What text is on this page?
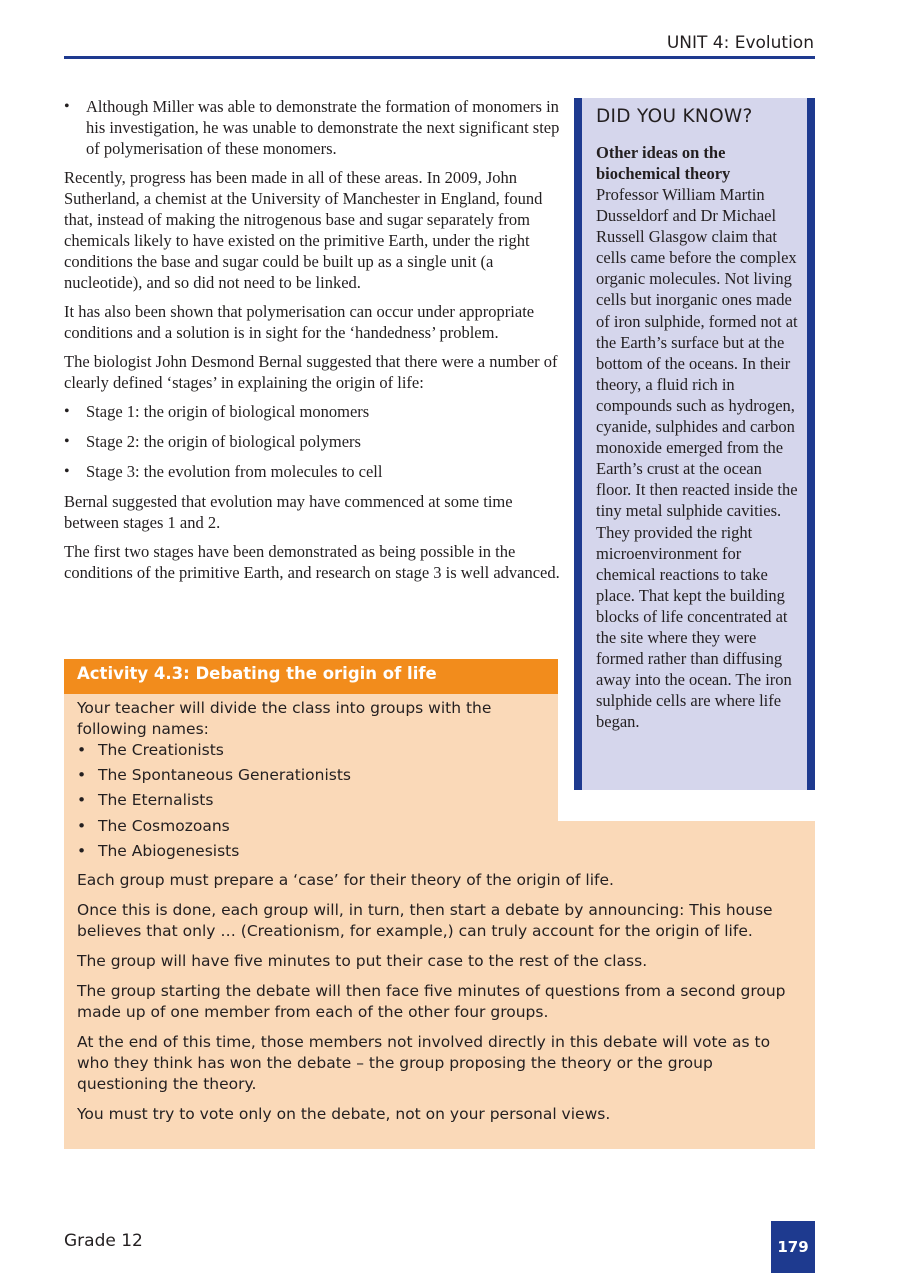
UNIT 4: Evolution
• Although Miller was able to demonstrate the formation of monomers in his investigation, he was unable to demonstrate the next significant step of polymerisation of these monomers.

Recently, progress has been made in all of these areas. In 2009, John Sutherland, a chemist at the University of Manchester in England, found that, instead of making the nitrogenous base and sugar separately from chemicals likely to have existed on the primitive Earth, under the right conditions the base and sugar could be built up as a single unit (a nucleotide), and so did not need to be linked.

It has also been shown that polymerisation can occur under appropriate conditions and a solution is in sight for the ‘handedness’ problem.

The biologist John Desmond Bernal suggested that there were a number of clearly defined ‘stages’ in explaining the origin of life:

• Stage 1: the origin of biological monomers
• Stage 2: the origin of biological polymers
• Stage 3: the evolution from molecules to cell

Bernal suggested that evolution may have commenced at some time between stages 1 and 2.

The first two stages have been demonstrated as being possible in the conditions of the primitive Earth, and research on stage 3 is well advanced.

DID YOU KNOW?

Other ideas on the biochemical theory

Professor William Martin Dusseldorf and Dr Michael Russell Glasgow claim that cells came before the complex organic molecules. Not living cells but inorganic ones made of iron sulphide, formed not at the Earth’s surface but at the bottom of the oceans. In their theory, a fluid rich in compounds such as hydrogen, cyanide, sulphides and carbon monoxide emerged from the Earth’s crust at the ocean floor. It then reacted inside the tiny metal sulphide cavities. They provided the right microenvironment for chemical reactions to take place. That kept the building blocks of life concentrated at the site where they were formed rather than diffusing away into the ocean. The iron sulphide cells are where life began.

Activity 4.3: Debating the origin of life

Your teacher will divide the class into groups with the following names:

• The Creationists
• The Spontaneous Generationists
• The Eternalists
• The Cosmozoans
• The Abiogenesists

Each group must prepare a ‘case’ for their theory of the origin of life.

Once this is done, each group will, in turn, then start a debate by announcing: This house believes that only … (Creationism, for example,) can truly account for the origin of life.

The group will have five minutes to put their case to the rest of the class.

The group starting the debate will then face five minutes of questions from a second group made up of one member from each of the other four groups.

At the end of this time, those members not involved directly in this debate will vote as to who they think has won the debate – the group proposing the theory or the group questioning the theory.

You must try to vote only on the debate, not on your personal views.

Grade 12	179
